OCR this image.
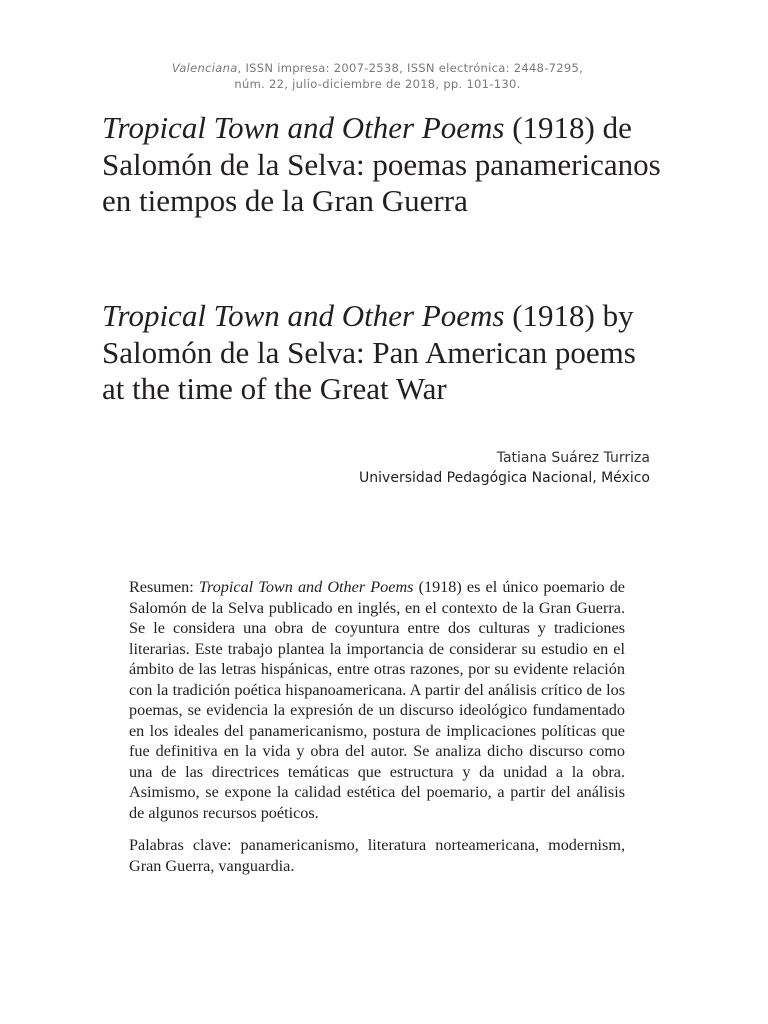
Valenciana, ISSN impresa: 2007-2538, ISSN electrónica: 2448-7295,
núm. 22, julio-diciembre de 2018, pp. 101-130.
Tropical Town and Other Poems (1918) de Salomón de la Selva: poemas panamericanos en tiempos de la Gran Guerra
Tropical Town and Other Poems (1918) by Salomón de la Selva: Pan American poems at the time of the Great War
Tatiana Suárez Turriza
Universidad Pedagógica Nacional, México
Resumen: Tropical Town and Other Poems (1918) es el único poemario de Salomón de la Selva publicado en inglés, en el contexto de la Gran Guerra. Se le considera una obra de coyuntura entre dos culturas y tradiciones literarias. Este trabajo plantea la importancia de considerar su estudio en el ámbito de las letras hispánicas, entre otras razones, por su evidente relación con la tradición poética hispanoamericana. A partir del análisis crítico de los poemas, se evidencia la expresión de un discurso ideológico fundamentado en los ideales del panamericanismo, postura de implicaciones políticas que fue definitiva en la vida y obra del autor. Se analiza dicho discurso como una de las directrices temáticas que estructura y da unidad a la obra. Asimismo, se expone la calidad estética del poemario, a partir del análisis de algunos recursos poéticos.
Palabras clave: panamericanismo, literatura norteamericana, modernism, Gran Guerra, vanguardia.
